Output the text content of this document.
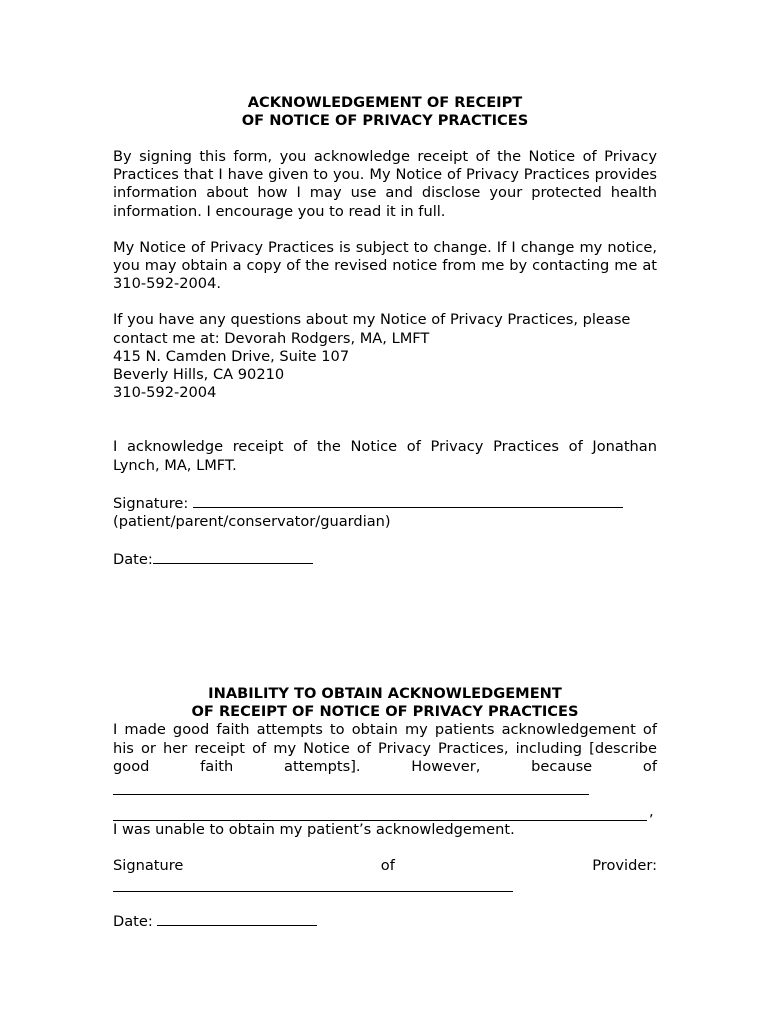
ACKNOWLEDGEMENT OF RECEIPT

OF NOTICE OF PRIVACY PRACTICES

By signing this form, you acknowledge receipt of the Notice of Privacy Practices that I have given to you. My Notice of Privacy Practices provides information about how I may use and disclose your protected health information. I encourage you to read it in full.

My Notice of Privacy Practices is subject to change. If I change my notice, you may obtain a copy of the revised notice from me by contacting me at 310-592-2004.

If you have any questions about my Notice of Privacy Practices, please contact me at: Devorah Rodgers, MA, LMFT
415 N. Camden Drive, Suite 107
Beverly Hills, CA 90210
310-592-2004

I acknowledge receipt of the Notice of Privacy Practices of Jonathan Lynch, MA, LMFT.

Signature:
(patient/parent/conservator/guardian)

Date:

INABILITY TO OBTAIN ACKNOWLEDGEMENT

OF RECEIPT OF NOTICE OF PRIVACY PRACTICES

I made good faith attempts to obtain my patients acknowledgement of his or her receipt of my Notice of Privacy Practices, including [describe good faith attempts]. However, because of

,

I was unable to obtain my patient’s acknowledgement.

Signature of Provider:

Date:
